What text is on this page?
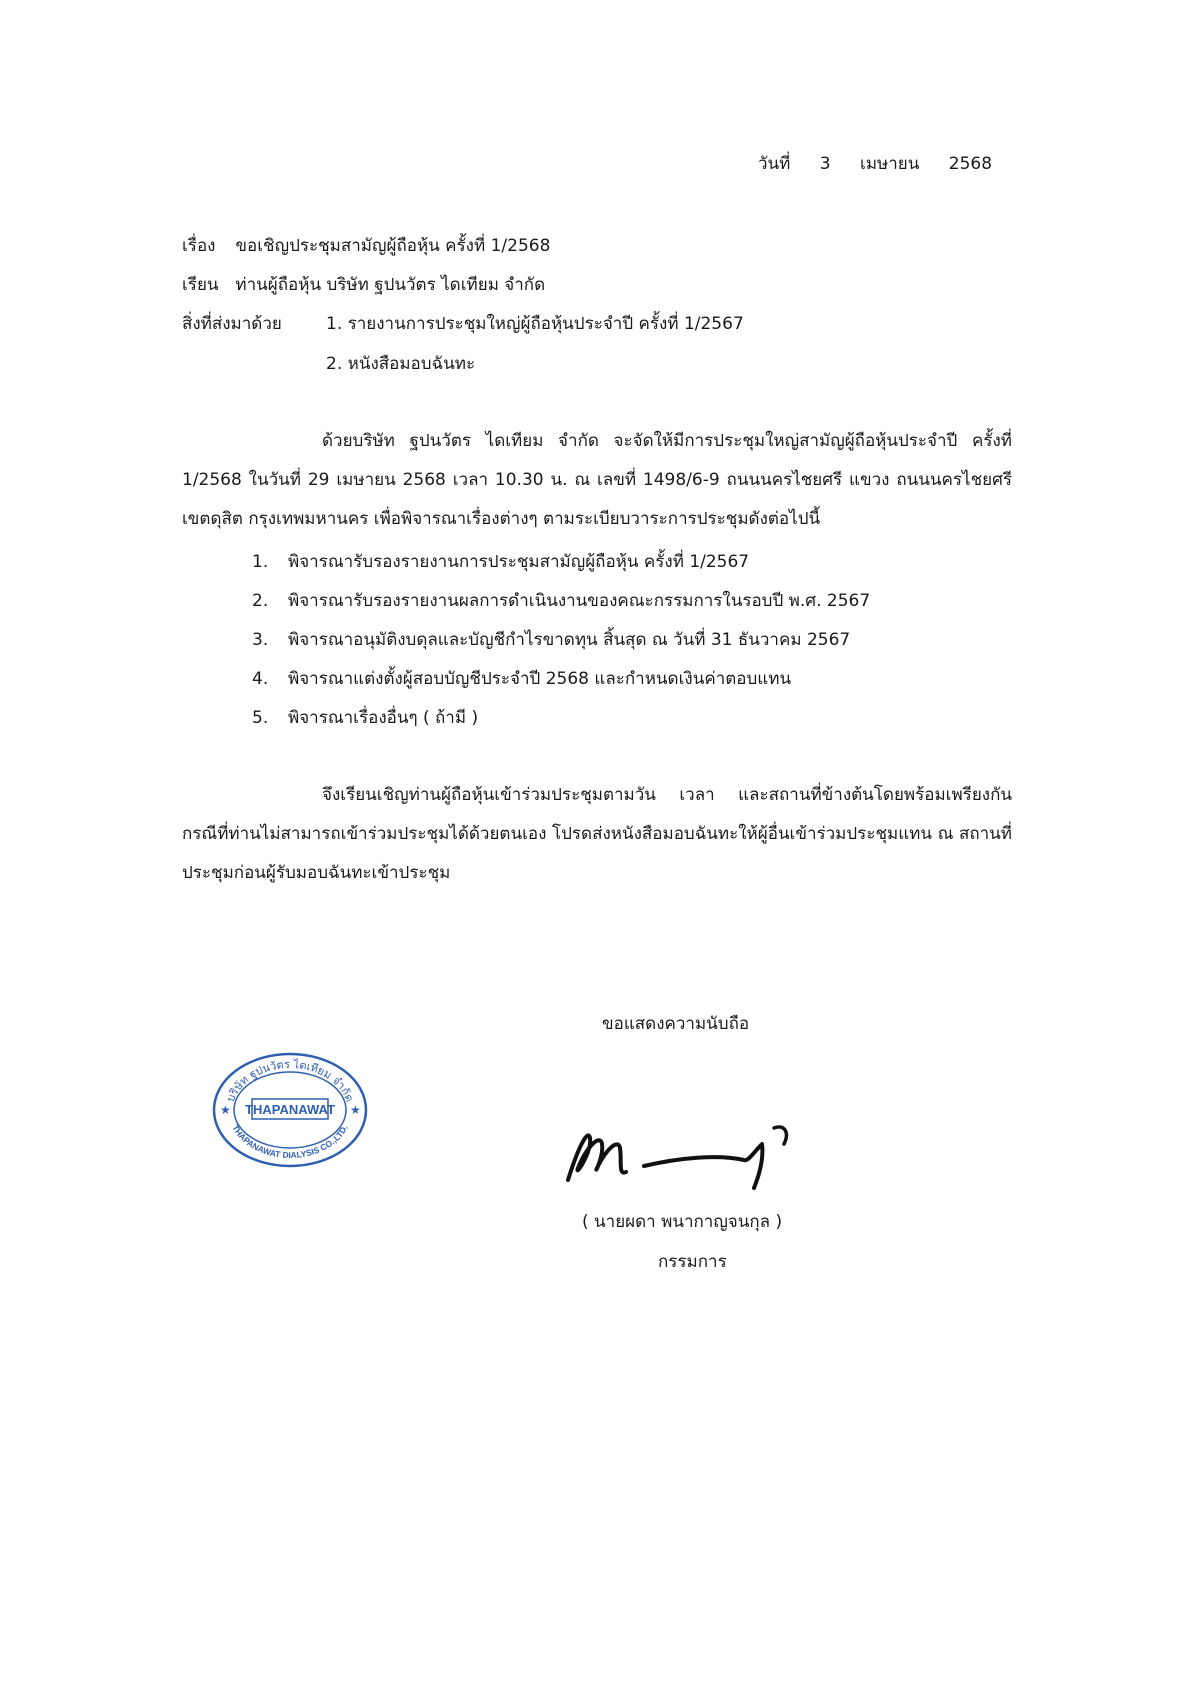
วันที่ 3 เมษายน 2568
เรื่อง ขอเชิญประชุมสามัญผู้ถือหุ้น ครั้งที่ 1/2568
เรียน ท่านผู้ถือหุ้น บริษัท ฐปนวัตร ไดเทียม จำกัด
สิ่งที่ส่งมาด้วย	1. รายงานการประชุมใหญ่ผู้ถือหุ้นประจำปี ครั้งที่ 1/2567
2. หนังสือมอบฉันทะ
ด้วยบริษัท ฐปนวัตร ไดเทียม จำกัด จะจัดให้มีการประชุมใหญ่สามัญผู้ถือหุ้นประจำปี ครั้งที่ 1/2568 ในวันที่ 29 เมษายน 2568 เวลา 10.30 น. ณ เลขที่ 1498/6-9 ถนนนครไชยศรี แขวง ถนนนครไชยศรี เขตดุสิต กรุงเทพมหานคร เพื่อพิจารณาเรื่องต่างๆ ตามระเบียบวาระการประชุมดังต่อไปนี้
1. พิจารณารับรองรายงานการประชุมสามัญผู้ถือหุ้น ครั้งที่ 1/2567
2. พิจารณารับรองรายงานผลการดำเนินงานของคณะกรรมการในรอบปี พ.ศ. 2567
3. พิจารณาอนุมัติงบดุลและบัญชีกำไรขาดทุน สิ้นสุด ณ วันที่ 31 ธันวาคม 2567
4. พิจารณาแต่งตั้งผู้สอบบัญชีประจำปี 2568 และกำหนดเงินค่าตอบแทน
5. พิจารณาเรื่องอื่นๆ ( ถ้ามี )
จึงเรียนเชิญท่านผู้ถือหุ้นเข้าร่วมประชุมตามวัน เวลา และสถานที่ข้างต้นโดยพร้อมเพรียงกัน กรณีที่ท่านไม่สามารถเข้าร่วมประชุมได้ด้วยตนเอง โปรดส่งหนังสือมอบฉันทะให้ผู้อื่นเข้าร่วมประชุมแทน ณ สถานที่ประชุมก่อนผู้รับมอบฉันทะเข้าประชุม
ขอแสดงความนับถือ
บริษัท ฐปนวัตร ไดเทียม จำกัด
THAPANAWAT
THAPANAWAT DIALYSIS CO.,LTD.
★	★
( นายผดา พนากาญจนกุล )
กรรมการ
